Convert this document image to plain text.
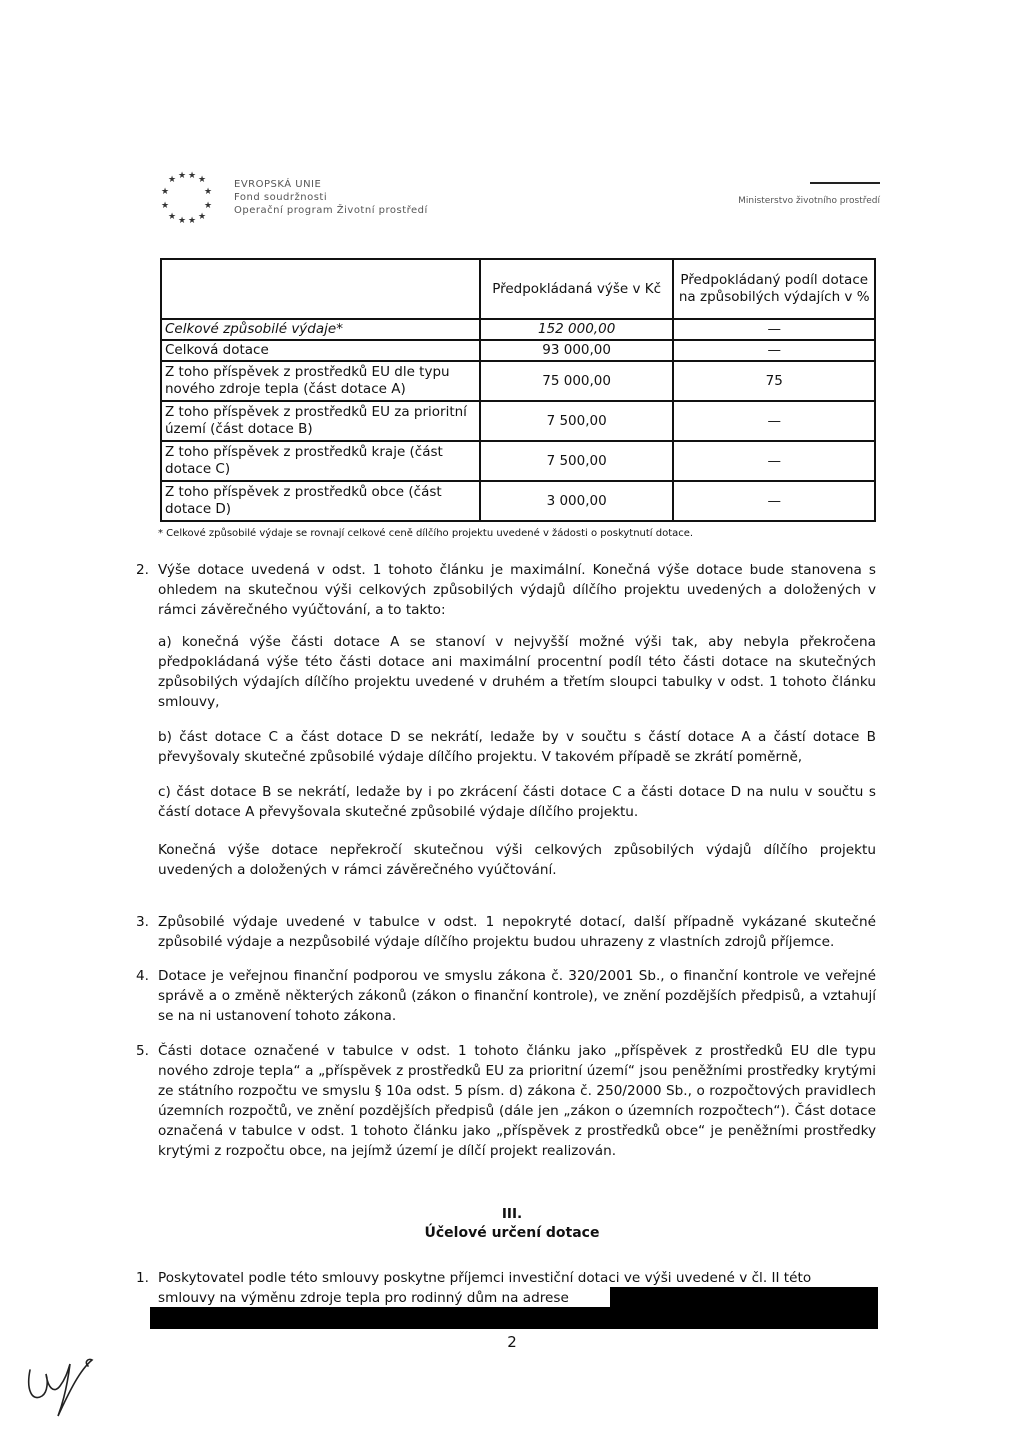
★ ★
★ ★
★	★
★	★
★ ★
★ ★
EVROPSKÁ UNIE
Fond soudržnosti
Operační program Životní prostředí
Ministerstvo životního prostředí
	Předpokládaná výše v Kč	Předpokládaný podíl dotace na způsobilých výdajích v %
Celkové způsobilé výdaje*	152 000,00	—
Celková dotace	93 000,00	—
Z toho příspěvek z prostředků EU dle typu nového zdroje tepla (část dotace A)	75 000,00	75
Z toho příspěvek z prostředků EU za prioritní území (část dotace B)	7 500,00	—
Z toho příspěvek z prostředků kraje (část dotace C)	7 500,00	—
Z toho příspěvek z prostředků obce (část dotace D)	3 000,00	—
* Celkové způsobilé výdaje se rovnají celkové ceně dílčího projektu uvedené v žádosti o poskytnutí dotace.
2. Výše dotace uvedená v odst. 1 tohoto článku je maximální. Konečná výše dotace bude stanovena s ohledem na skutečnou výši celkových způsobilých výdajů dílčího projektu uvedených a doložených v rámci závěrečného vyúčtování, a to takto:
a) konečná výše části dotace A se stanoví v nejvyšší možné výši tak, aby nebyla překročena předpokládaná výše této části dotace ani maximální procentní podíl této části dotace na skutečných způsobilých výdajích dílčího projektu uvedené v druhém a třetím sloupci tabulky v odst. 1 tohoto článku smlouvy,
b) část dotace C a část dotace D se nekrátí, ledaže by v součtu s částí dotace A a částí dotace B převyšovaly skutečné způsobilé výdaje dílčího projektu. V takovém případě se zkrátí poměrně,
c) část dotace B se nekrátí, ledaže by i po zkrácení části dotace C a části dotace D na nulu v součtu s částí dotace A převyšovala skutečné způsobilé výdaje dílčího projektu.
Konečná výše dotace nepřekročí skutečnou výši celkových způsobilých výdajů dílčího projektu uvedených a doložených v rámci závěrečného vyúčtování.
3. Způsobilé výdaje uvedené v tabulce v odst. 1 nepokryté dotací, další případně vykázané skutečné způsobilé výdaje a nezpůsobilé výdaje dílčího projektu budou uhrazeny z vlastních zdrojů příjemce.
4. Dotace je veřejnou finanční podporou ve smyslu zákona č. 320/2001 Sb., o finanční kontrole ve veřejné správě a o změně některých zákonů (zákon o finanční kontrole), ve znění pozdějších předpisů, a vztahují se na ni ustanovení tohoto zákona.
5. Části dotace označené v tabulce v odst. 1 tohoto článku jako „příspěvek z prostředků EU dle typu nového zdroje tepla“ a „příspěvek z prostředků EU za prioritní území“ jsou peněžními prostředky krytými ze státního rozpočtu ve smyslu § 10a odst. 5 písm. d) zákona č. 250/2000 Sb., o rozpočtových pravidlech územních rozpočtů, ve znění pozdějších předpisů (dále jen „zákon o územních rozpočtech“). Část dotace označená v tabulce v odst. 1 tohoto článku jako „příspěvek z prostředků obce“ je peněžními prostředky krytými z rozpočtu obce, na jejímž území je dílčí projekt realizován.
III.
Účelové určení dotace
1. Poskytovatel podle této smlouvy poskytne příjemci investiční dotaci ve výši uvedené v čl. II této
smlouvy na výměnu zdroje tepla pro rodinný dům na adrese
2
